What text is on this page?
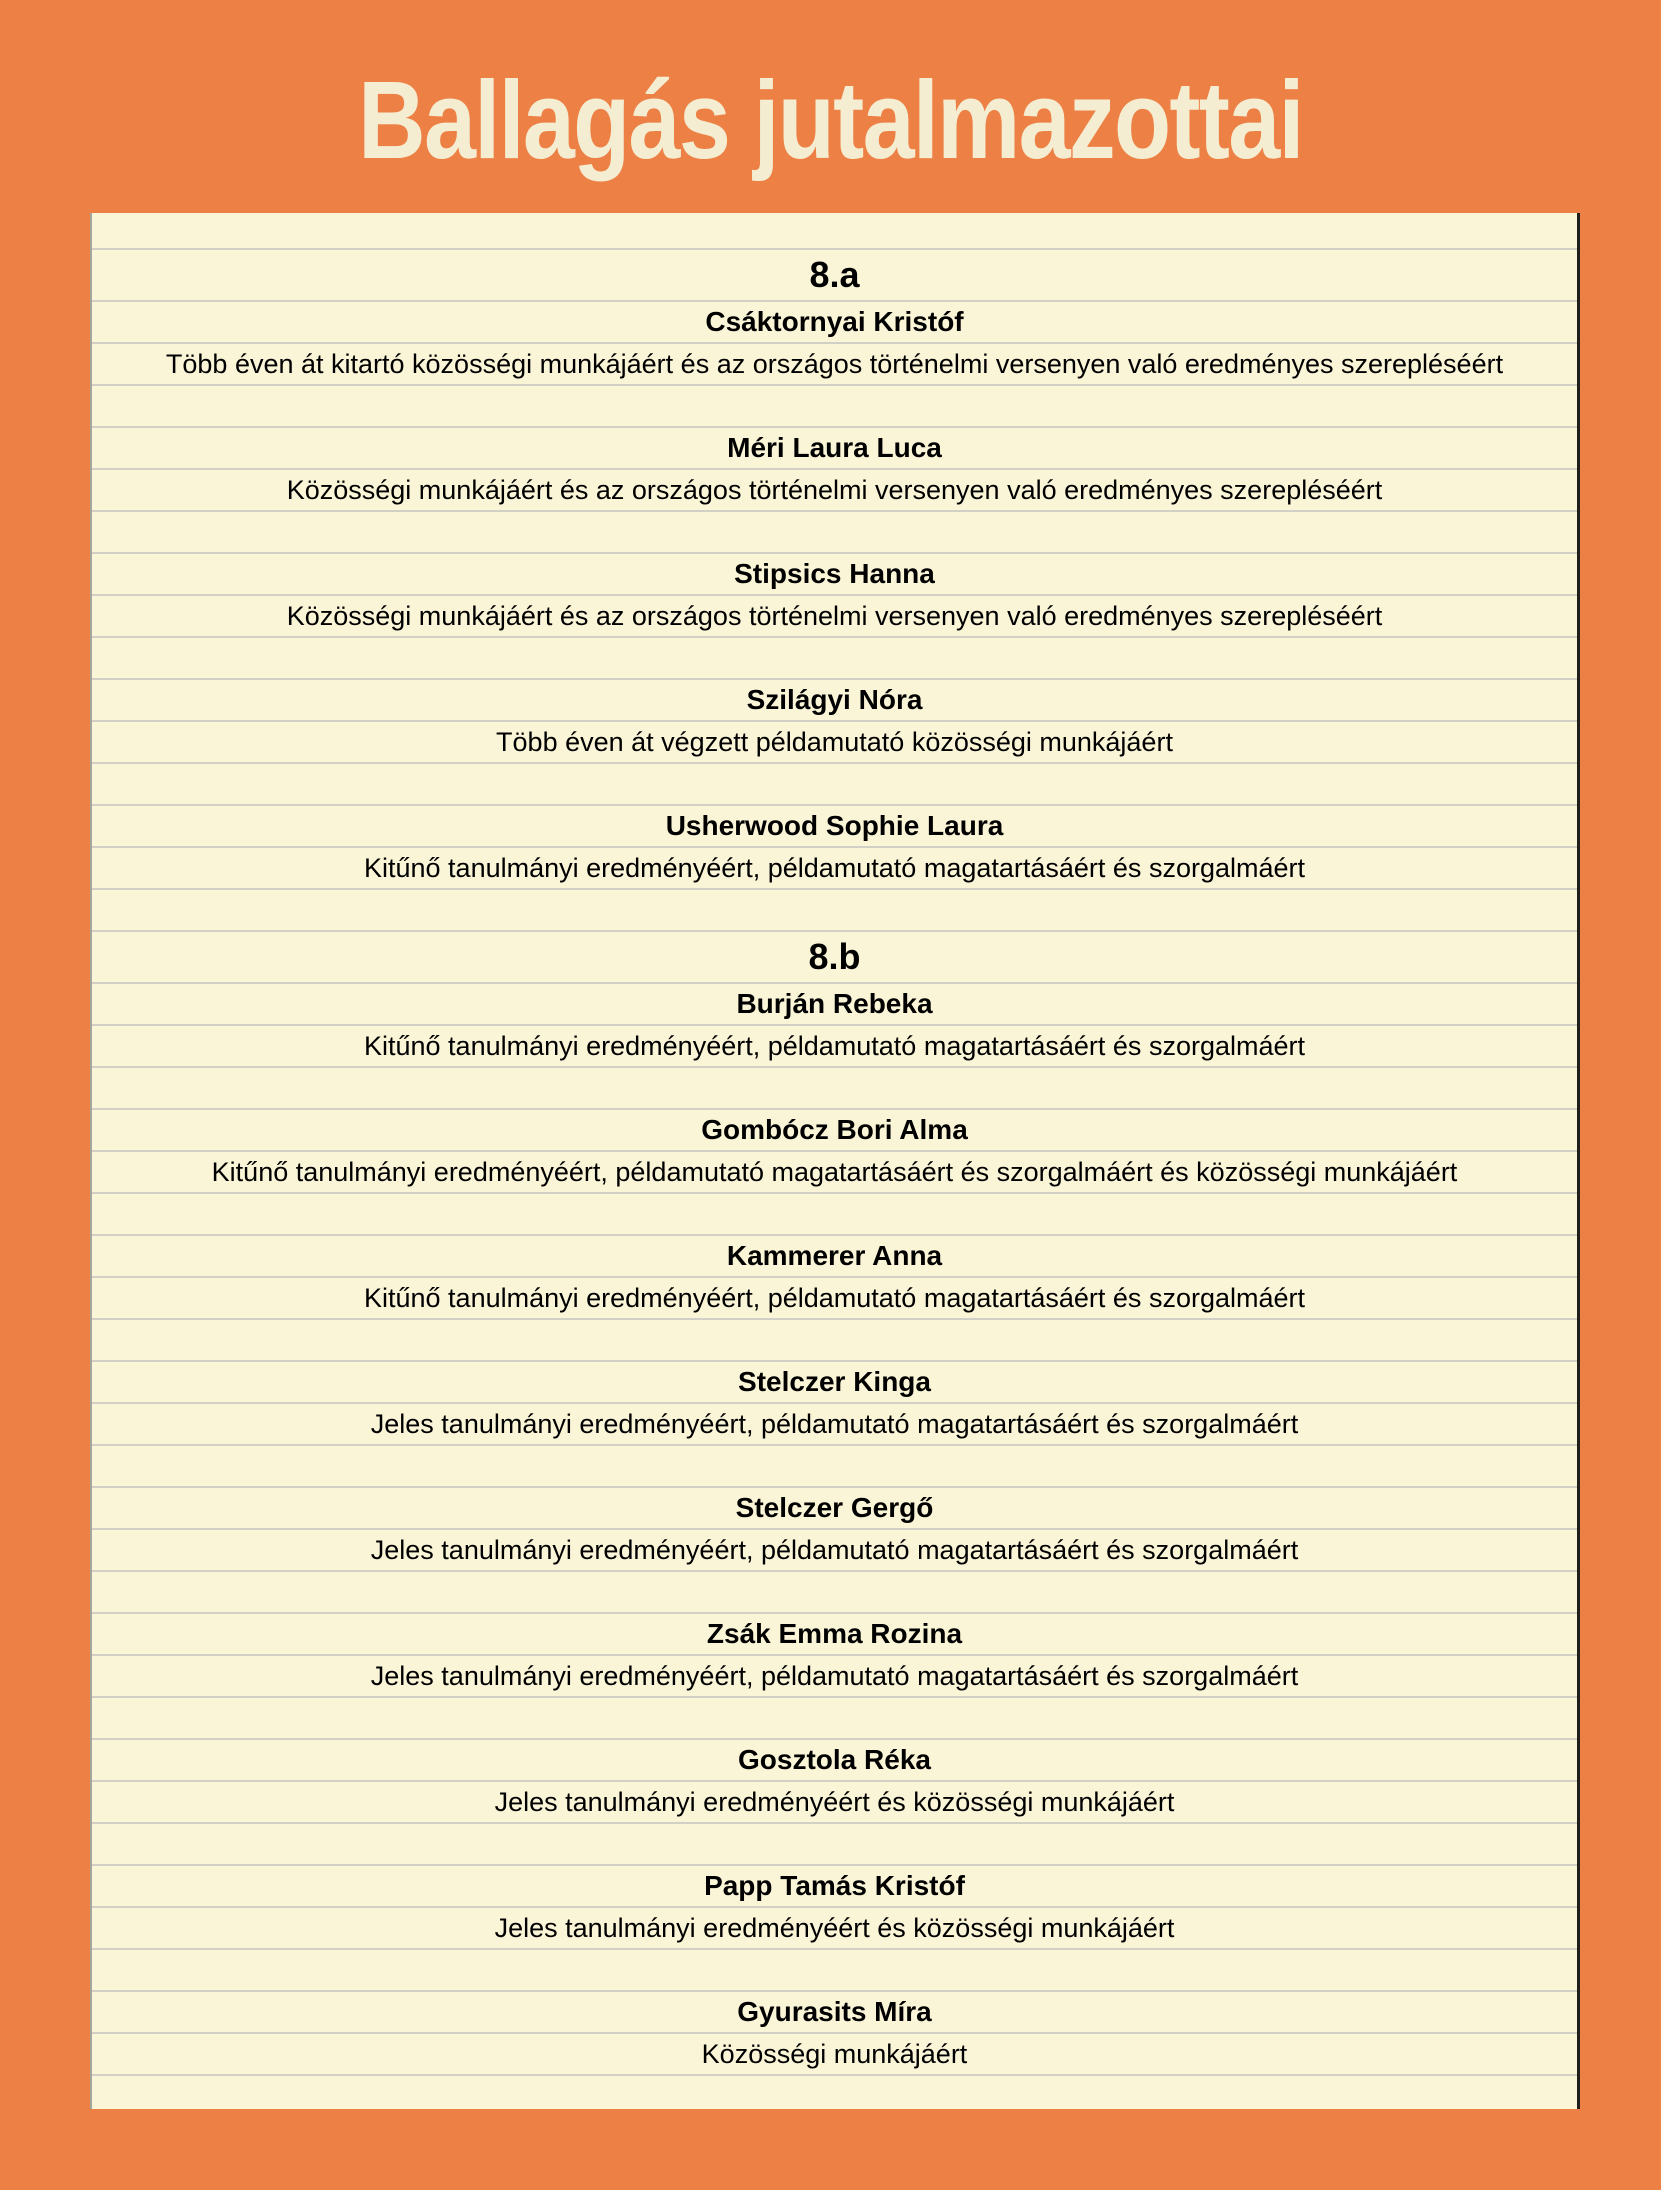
Ballagás jutalmazottai
8.a
Csáktornyai Kristóf
Több éven át kitartó közösségi munkájáért és az országos történelmi versenyen való eredményes szerepléséért
Méri Laura Luca
Közösségi munkájáért és az országos történelmi versenyen való eredményes szerepléséért
Stipsics Hanna
Közösségi munkájáért és az országos történelmi versenyen való eredményes szerepléséért
Szilágyi Nóra
Több éven át végzett példamutató közösségi munkájáért
Usherwood Sophie Laura
Kitűnő tanulmányi eredményéért, példamutató magatartásáért és szorgalmáért
8.b
Burján Rebeka
Kitűnő tanulmányi eredményéért, példamutató magatartásáért és szorgalmáért
Gombócz Bori Alma
Kitűnő tanulmányi eredményéért, példamutató magatartásáért és szorgalmáért és közösségi munkájáért
Kammerer Anna
Kitűnő tanulmányi eredményéért, példamutató magatartásáért és szorgalmáért
Stelczer Kinga
Jeles tanulmányi eredményéért, példamutató magatartásáért és szorgalmáért
Stelczer Gergő
Jeles tanulmányi eredményéért, példamutató magatartásáért és szorgalmáért
Zsák Emma Rozina
Jeles tanulmányi eredményéért, példamutató magatartásáért és szorgalmáért
Gosztola Réka
Jeles tanulmányi eredményéért és közösségi munkájáért
Papp Tamás Kristóf
Jeles tanulmányi eredményéért és közösségi munkájáért
Gyurasits Míra
Közösségi munkájáért
